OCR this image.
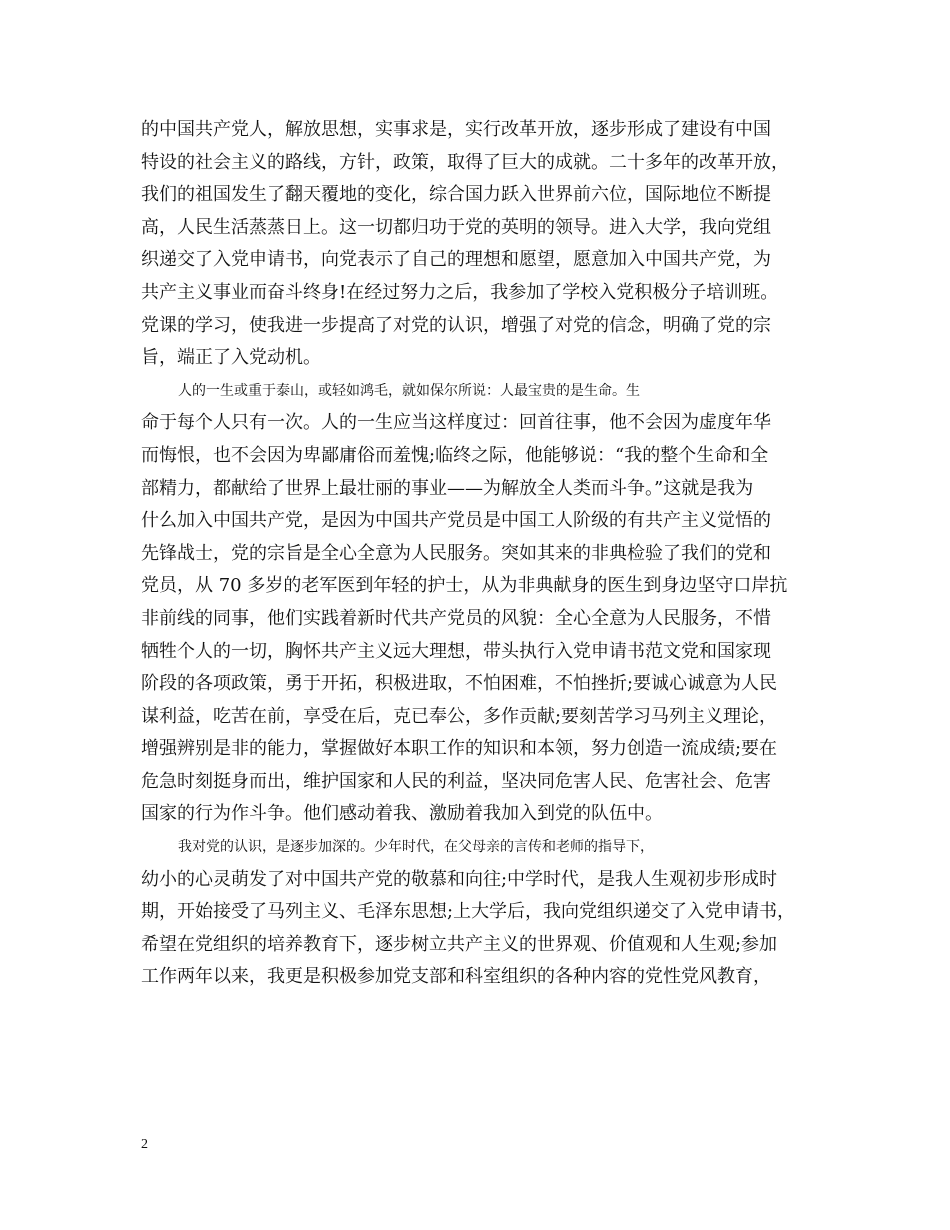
的中国共产党人，解放思想，实事求是，实行改革开放，逐步形成了建设有中国
特设的社会主义的路线，方针，政策，取得了巨大的成就。二十多年的改革开放，
我们的祖国发生了翻天覆地的变化，综合国力跃入世界前六位，国际地位不断提
高，人民生活蒸蒸日上。这一切都归功于党的英明的领导。进入大学，我向党组
织递交了入党申请书，向党表示了自己的理想和愿望，愿意加入中国共产党，为
共产主义事业而奋斗终身!在经过努力之后，我参加了学校入党积极分子培训班。
党课的学习，使我进一步提高了对党的认识，增强了对党的信念，明确了党的宗
旨，端正了入党动机。
人的一生或重于泰山，或轻如鸿毛，就如保尔所说：人最宝贵的是生命。生
命于每个人只有一次。人的一生应当这样度过：回首往事，他不会因为虚度年华
而悔恨，也不会因为卑鄙庸俗而羞愧;临终之际，他能够说：“我的整个生命和全
部精力，都献给了世界上最壮丽的事业——为解放全人类而斗争。”这就是我为
什么加入中国共产党，是因为中国共产党员是中国工人阶级的有共产主义觉悟的
先锋战士，党的宗旨是全心全意为人民服务。突如其来的非典检验了我们的党和
党员，从 70 多岁的老军医到年轻的护士，从为非典献身的医生到身边坚守口岸抗
非前线的同事，他们实践着新时代共产党员的风貌：全心全意为人民服务，不惜
牺牲个人的一切，胸怀共产主义远大理想，带头执行入党申请书范文党和国家现
阶段的各项政策，勇于开拓，积极进取，不怕困难，不怕挫折;要诚心诚意为人民
谋利益，吃苦在前，享受在后，克已奉公，多作贡献;要刻苦学习马列主义理论，
增强辨别是非的能力，掌握做好本职工作的知识和本领，努力创造一流成绩;要在
危急时刻挺身而出，维护国家和人民的利益，坚决同危害人民、危害社会、危害
国家的行为作斗争。他们感动着我、激励着我加入到党的队伍中。
我对党的认识，是逐步加深的。少年时代，在父母亲的言传和老师的指导下，
幼小的心灵萌发了对中国共产党的敬慕和向往;中学时代，是我人生观初步形成时
期，开始接受了马列主义、毛泽东思想;上大学后，我向党组织递交了入党申请书，
希望在党组织的培养教育下，逐步树立共产主义的世界观、价值观和人生观;参加
工作两年以来，我更是积极参加党支部和科室组织的各种内容的党性党风教育，
2
